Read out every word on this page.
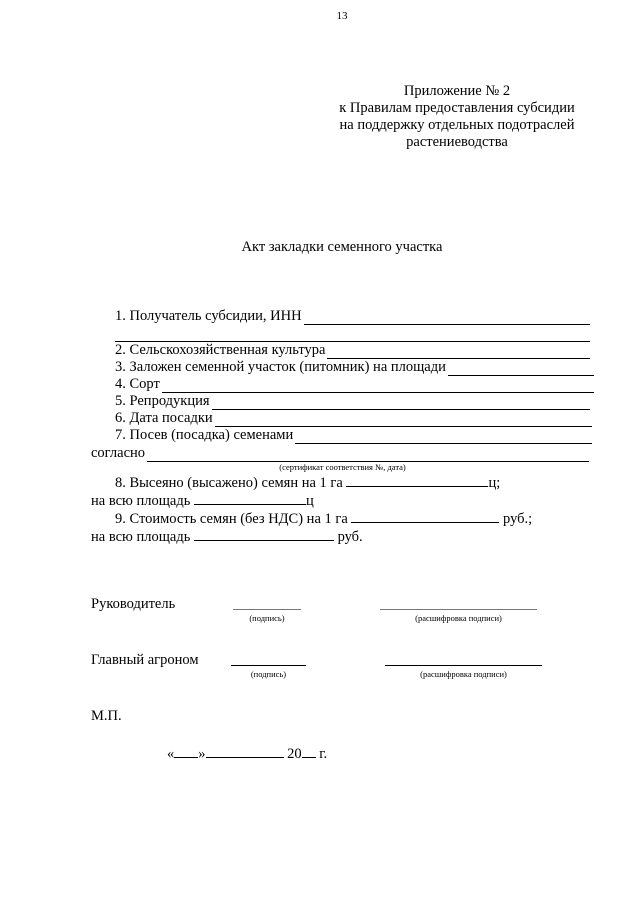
13
Приложение № 2
к Правилам предоставления субсидии
на поддержку отдельных подотраслей
растениеводства
Акт закладки семенного участка
1. Получатель субсидии, ИНН
2. Сельскохозяйственная культура
3. Заложен семенной участок (питомник) на площади
4. Сорт
5. Репродукция
6. Дата посадки
7. Посев (посадка) семенами
согласно
(сертификат соответствия №, дата)
8. Высеяно (высажено) семян на 1 га	ц;
на всю площадь	ц
9. Стоимость семян (без НДС) на 1 га	руб.;
на всю площадь	руб.
Руководитель
(подпись)	(расшифровка подписи)
Главный агроном
(подпись)	(расшифровка подписи)
М.П.
« »	20 г.
